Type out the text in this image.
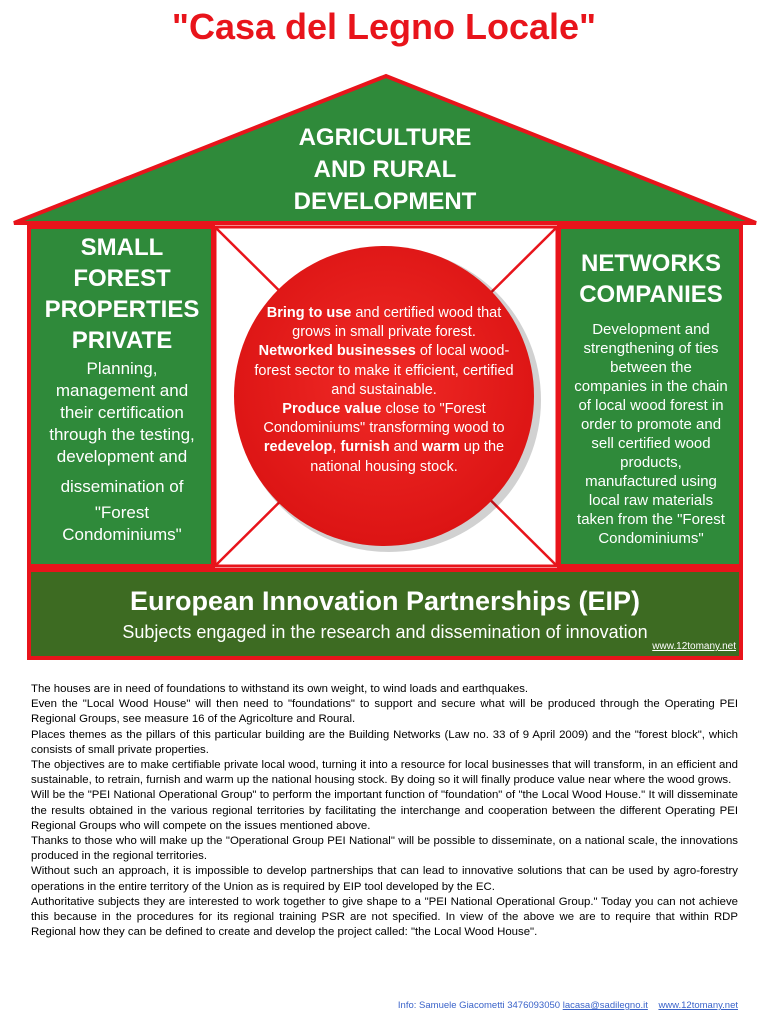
"Casa del Legno Locale"
AGRICULTURE
AND RURAL
DEVELOPMENT
SMALL
FOREST
PROPERTIES
PRIVATE
Planning,
management and
their certification
through the testing,
development and
dissemination of
"Forest
Condominiums"
NETWORKS
COMPANIES
Development and
strengthening of ties
between the
companies in the chain
of local wood forest in
order to promote and
sell certified wood
products,
manufactured using
local raw materials
taken from the "Forest
Condominiums"
Bring to use and certified wood that grows in small private forest.
Networked businesses of local wood-forest sector to make it efficient, certified and sustainable.
Produce value close to "Forest Condominiums" transforming wood to redevelop, furnish and warm up the national housing stock.
European Innovation Partnerships (EIP)
Subjects engaged in the research and dissemination of innovation
www.12tomany.net

The houses are in need of foundations to withstand its own weight, to wind loads and earthquakes.

Even the "Local Wood House" will then need to "foundations" to support and secure what will be produced through the Operating PEI Regional Groups, see measure 16 of the Agricolture and Roural.

Places themes as the pillars of this particular building are the Building Networks (Law no. 33 of 9 April 2009) and the "forest block", which consists of small private properties.

The objectives are to make certifiable private local wood, turning it into a resource for local businesses that will transform, in an efficient and sustainable, to retrain, furnish and warm up the national housing stock. By doing so it will finally produce value near where the wood grows.

Will be the "PEI National Operational Group" to perform the important function of "foundation" of "the Local Wood House." It will disseminate the results obtained in the various regional territories by facilitating the interchange and cooperation between the different Operating PEI Regional Groups who will compete on the issues mentioned above.

Thanks to those who will make up the "Operational Group PEI National" will be possible to disseminate, on a national scale, the innovations produced in the regional territories.

Without such an approach, it is impossible to develop partnerships that can lead to innovative solutions that can be used by agro-forestry operations in the entire territory of the Union as is required by EIP tool developed by the EC.

Authoritative subjects they are interested to work together to give shape to a "PEI National Operational Group." Today you can not achieve this because in the procedures for its regional training PSR are not specified. In view of the above we are to require that within RDP Regional how they can be defined to create and develop the project called: "the Local Wood House".

Info: Samuele Giacometti 3476093050 lacasa@sadilegno.it www.12tomany.net
